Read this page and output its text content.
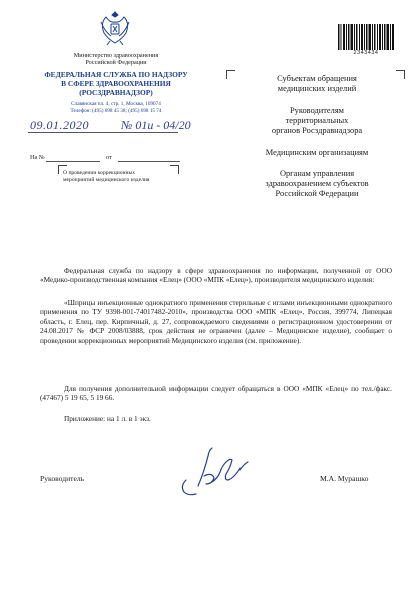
Министерство здравоохранения
Российской Федерации
ФЕДЕРАЛЬНАЯ СЛУЖБА ПО НАДЗОРУ
В СФЕРЕ ЗДРАВООХРАНЕНИЯ
(РОСЗДРАВНАДЗОР)
Славянская пл. 4, стр. 1, Москва, 109074
Телефон: (495) 698 45 38; (495) 698 15 74
09.01.2020	№ 01и - 04/20
На №	от
О проведении коррекционных
мероприятий медицинского изделия
2343434
Субъектам обращения
медицинских изделий
Руководителям
территориальных
органов Росздравнадзора
Медицинским организациям
Органам управления
здравоохранением субъектов
Российской Федерации
Федеральная служба по надзору в сфере здравоохранения по информации, полученной от ООО «Медико-производственная компания «Елец» (ООО «МПК «Елец»), производителя медицинского изделия:
«Шприцы инъекционные однократного применения стерильные с иглами инъекционными однократного применения по ТУ 9398-001-74017482-2010», производства ООО «МПК «Елец», Россия, 399774, Липецкая область, г. Елец, пер. Кирпичный, д. 27, сопровождаемого сведениями о регистрационном удостоверении от 24.08.2017 № ФСР 2008/03888, срок действия не ограничен (далее – Медицинское изделие), сообщает о проведении коррекционных мероприятий Медицинского изделия (см. приложение).
Для получения дополнительной информации следует обращаться в ООО «МПК «Елец» по тел./факс. (47467) 5 19 65, 5 19 66.
Приложение: на 1 л. в 1 экз.
Руководитель	М.А. Мурашко
